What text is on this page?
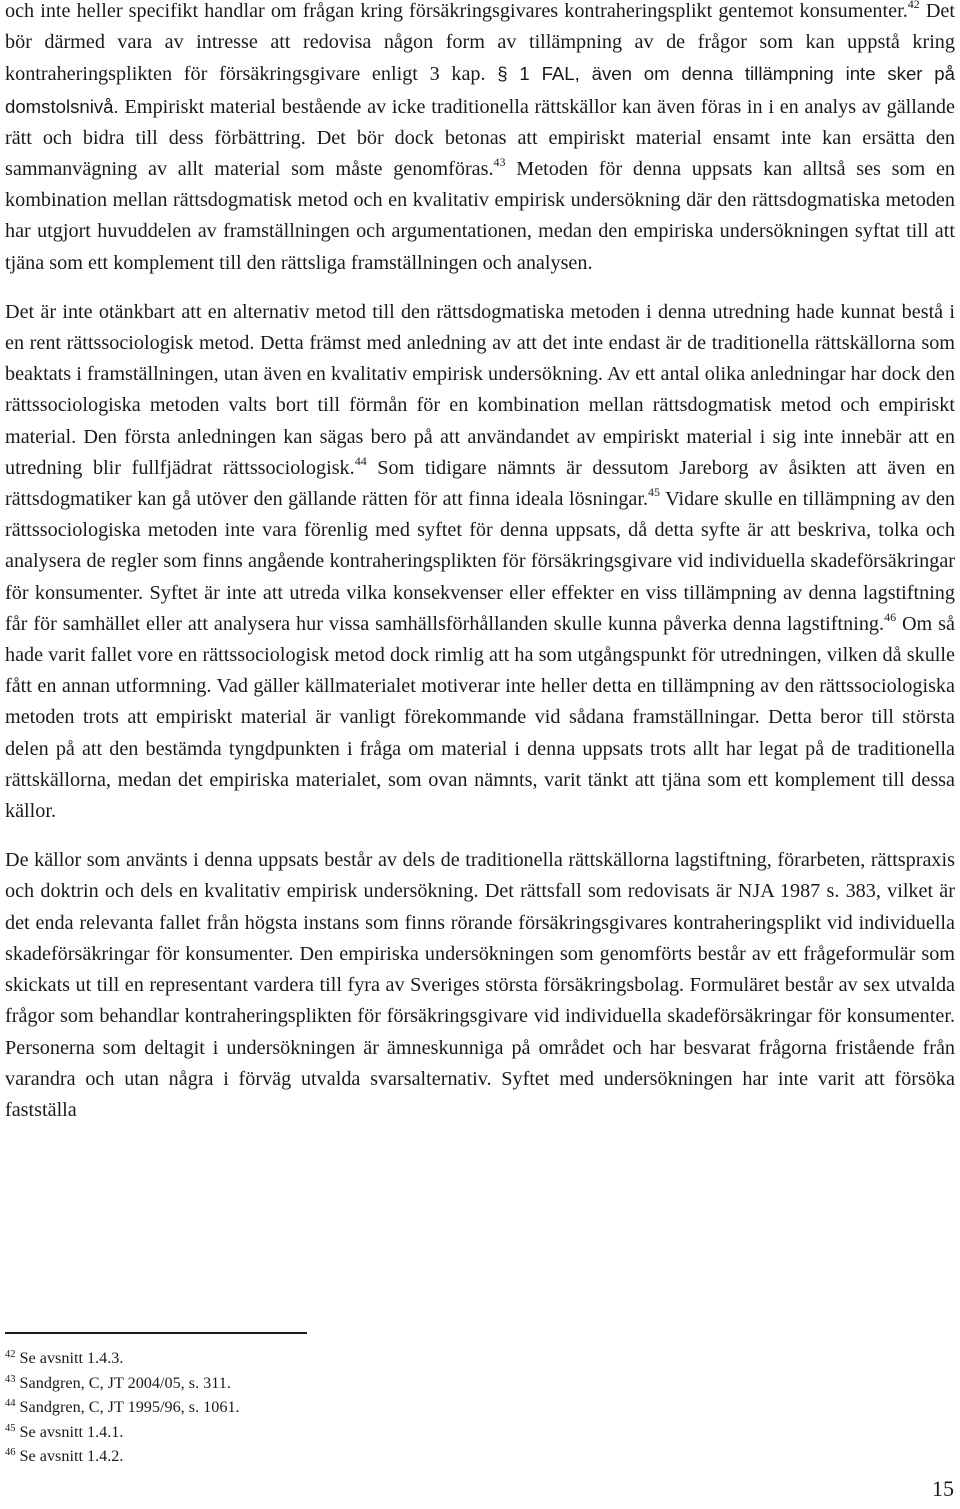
och inte heller specifikt handlar om frågan kring försäkringsgivares kontraheringsplikt gentemot konsumenter.$^{42}$ Det bör därmed vara av intresse att redovisa någon form av tillämpning av de frågor som kan uppstå kring kontraheringsplikten för försäkringsgivare enligt 3 kap. § 1 FAL, även om denna tillämpning inte sker på domstolsnivå. Empiriskt material bestående av icke traditionella rättskällor kan även föras in i en analys av gällande rätt och bidra till dess förbättring. Det bör dock betonas att empiriskt material ensamt inte kan ersätta den sammanvägning av allt material som måste genomföras.$^{43}$ Metoden för denna uppsats kan alltså ses som en kombination mellan rättsdogmatisk metod och en kvalitativ empirisk undersökning där den rättsdogmatiska metoden har utgjort huvuddelen av framställningen och argumentationen, medan den empiriska undersökningen syftat till att tjäna som ett komplement till den rättsliga framställningen och analysen.

Det är inte otänkbart att en alternativ metod till den rättsdogmatiska metoden i denna utredning hade kunnat bestå i en rent rättssociologisk metod. Detta främst med anledning av att det inte endast är de traditionella rättskällorna som beaktats i framställningen, utan även en kvalitativ empirisk undersökning. Av ett antal olika anledningar har dock den rättssociologiska metoden valts bort till förmån för en kombination mellan rättsdogmatisk metod och empiriskt material. Den första anledningen kan sägas bero på att användandet av empiriskt material i sig inte innebär att en utredning blir fullfjädrat rättssociologisk.$^{44}$ Som tidigare nämnts är dessutom Jareborg av åsikten att även en rättsdogmatiker kan gå utöver den gällande rätten för att finna ideala lösningar.$^{45}$ Vidare skulle en tillämpning av den rättssociologiska metoden inte vara förenlig med syftet för denna uppsats, då detta syfte är att beskriva, tolka och analysera de regler som finns angående kontraheringsplikten för försäkringsgivare vid individuella skadeförsäkringar för konsumenter. Syftet är inte att utreda vilka konsekvenser eller effekter en viss tillämpning av denna lagstiftning får för samhället eller att analysera hur vissa samhällsförhållanden skulle kunna påverka denna lagstiftning.$^{46}$ Om så hade varit fallet vore en rättssociologisk metod dock rimlig att ha som utgångspunkt för utredningen, vilken då skulle fått en annan utformning. Vad gäller källmaterialet motiverar inte heller detta en tillämpning av den rättssociologiska metoden trots att empiriskt material är vanligt förekommande vid sådana framställningar. Detta beror till största delen på att den bestämda tyngdpunkten i fråga om material i denna uppsats trots allt har legat på de traditionella rättskällorna, medan det empiriska materialet, som ovan nämnts, varit tänkt att tjäna som ett komplement till dessa källor.

De källor som använts i denna uppsats består av dels de traditionella rättskällorna lagstiftning, förarbeten, rättspraxis och doktrin och dels en kvalitativ empirisk undersökning. Det rättsfall som redovisats är NJA 1987 s. 383, vilket är det enda relevanta fallet från högsta instans som finns rörande försäkringsgivares kontraheringsplikt vid individuella skadeförsäkringar för konsumenter. Den empiriska undersökningen som genomförts består av ett frågeformulär som skickats ut till en representant vardera till fyra av Sveriges största försäkringsbolag. Formuläret består av sex utvalda frågor som behandlar kontraheringsplikten för försäkringsgivare vid individuella skadeförsäkringar för konsumenter. Personerna som deltagit i undersökningen är ämneskunniga på området och har besvarat frågorna fristående från varandra och utan några i förväg utvalda svarsalternativ. Syftet med undersökningen har inte varit att försöka fastställa

$^{42}$ Se avsnitt 1.4.3.

$^{43}$ Sandgren, C, JT 2004/05, s. 311.

$^{44}$ Sandgren, C, JT 1995/96, s. 1061.

$^{45}$ Se avsnitt 1.4.1.

$^{46}$ Se avsnitt 1.4.2.

15
